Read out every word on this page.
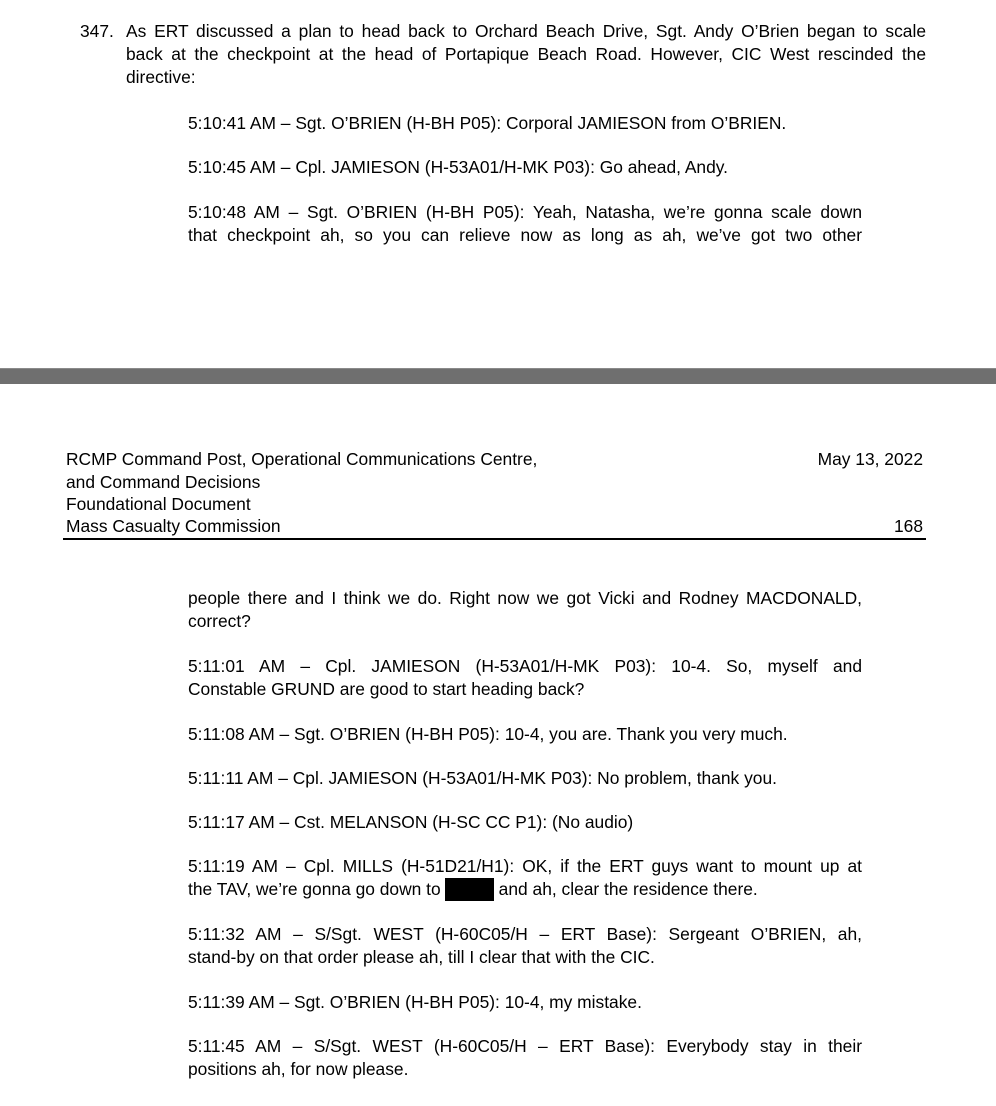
347. As ERT discussed a plan to head back to Orchard Beach Drive, Sgt. Andy O’Brien began to scale
back at the checkpoint at the head of Portapique Beach Road. However, CIC West rescinded the
directive:
5:10:41 AM – Sgt. O’BRIEN (H-BH P05): Corporal JAMIESON from O’BRIEN.
5:10:45 AM – Cpl. JAMIESON (H-53A01/H-MK P03): Go ahead, Andy.
5:10:48 AM – Sgt. O’BRIEN (H-BH P05): Yeah, Natasha, we’re gonna scale down
that checkpoint ah, so you can relieve now as long as ah, we’ve got two other
RCMP Command Post, Operational Communications Centre,
and Command Decisions
Foundational Document
Mass Casualty Commission
May 13, 2022
168
people there and I think we do. Right now we got Vicki and Rodney MACDONALD,
correct?
5:11:01 AM – Cpl. JAMIESON (H-53A01/H-MK P03): 10-4. So, myself and
Constable GRUND are good to start heading back?
5:11:08 AM – Sgt. O’BRIEN (H-BH P05): 10-4, you are. Thank you very much.
5:11:11 AM – Cpl. JAMIESON (H-53A01/H-MK P03): No problem, thank you.
5:11:17 AM – Cst. MELANSON (H-SC CC P1): (No audio)
5:11:19 AM – Cpl. MILLS (H-51D21/H1): OK, if the ERT guys want to mount up at
the TAV, we’re gonna go down to	and ah, clear the residence there.
5:11:32 AM – S/Sgt. WEST (H-60C05/H – ERT Base): Sergeant O’BRIEN, ah,
stand-by on that order please ah, till I clear that with the CIC.
5:11:39 AM – Sgt. O’BRIEN (H-BH P05): 10-4, my mistake.
5:11:45 AM – S/Sgt. WEST (H-60C05/H – ERT Base): Everybody stay in their
positions ah, for now please.
